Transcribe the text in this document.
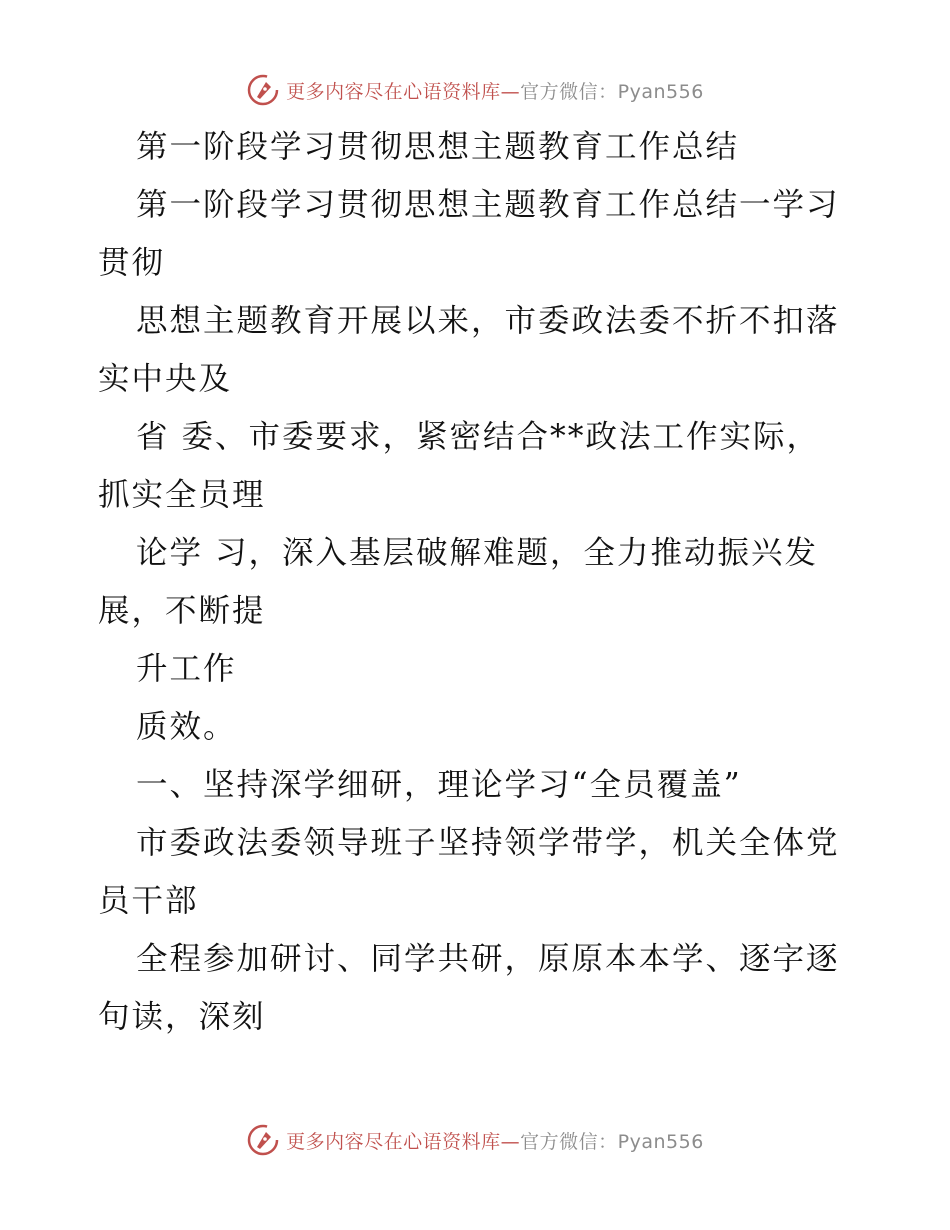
更多内容尽在心语资料库—官方微信：Pyan556
第一阶段学习贯彻思想主题教育工作总结
第一阶段学习贯彻思想主题教育工作总结一学习
贯彻
思想主题教育开展以来，市委政法委不折不扣落
实中央及
省 委、市委要求，紧密结合**政法工作实际，
抓实全员理
论学 习，深入基层破解难题，全力推动振兴发
展，不断提
升工作
质效。
一、坚持深学细研，理论学习“全员覆盖”
市委政法委领导班子坚持领学带学，机关全体党
员干部
全程参加研讨、同学共研，原原本本学、逐字逐
句读，深刻
更多内容尽在心语资料库—官方微信：Pyan556
